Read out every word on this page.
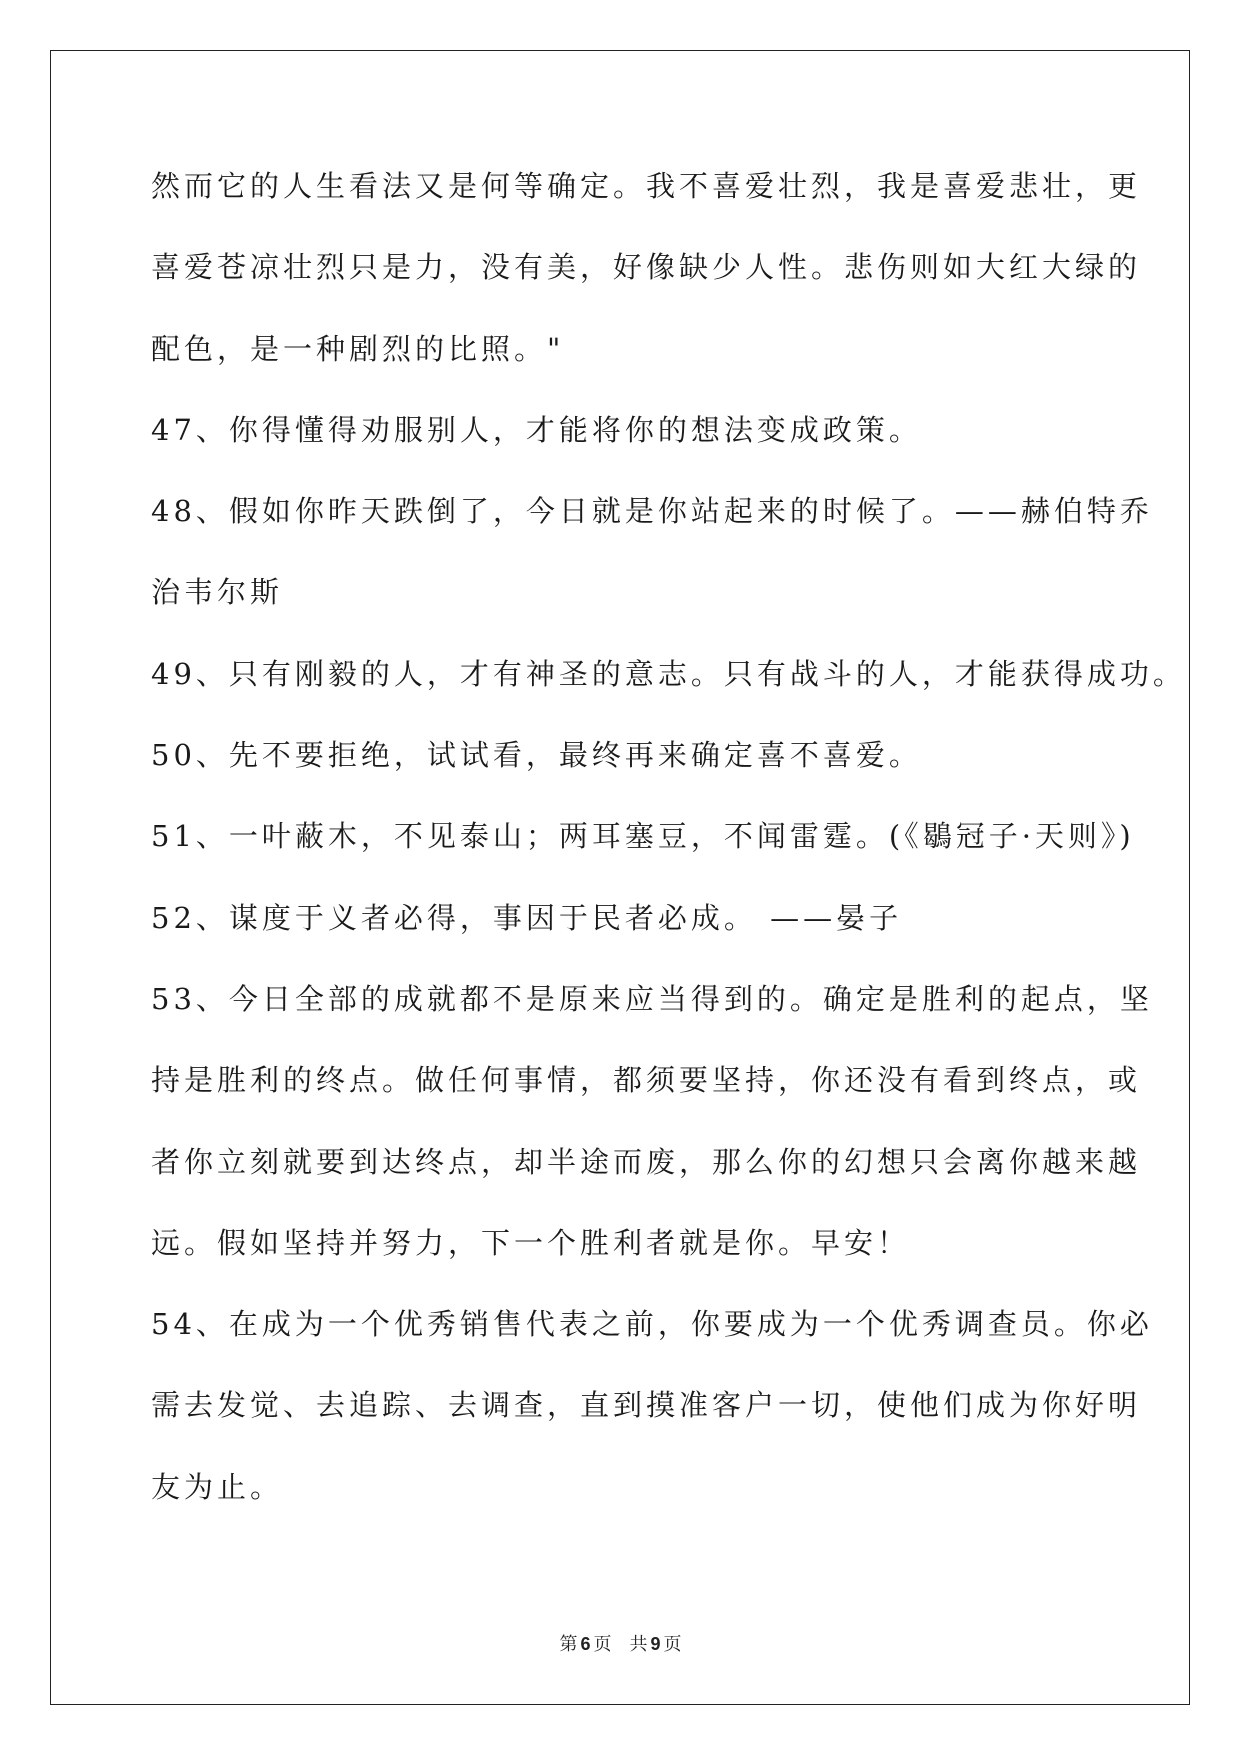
然而它的人生看法又是何等确定。我不喜爱壮烈，我是喜爱悲壮，更
喜爱苍凉壮烈只是力，没有美，好像缺少人性。悲伤则如大红大绿的
配色，是一种剧烈的比照。"
47、你得懂得劝服别人，才能将你的想法变成政策。
48、假如你昨天跌倒了，今日就是你站起来的时候了。——赫伯特乔
治韦尔斯
49、只有刚毅的人，才有神圣的意志。只有战斗的人，才能获得成功。
50、先不要拒绝，试试看，最终再来确定喜不喜爱。
51、一叶蔽木，不见泰山；两耳塞豆，不闻雷霆。(《鶡冠子·天则》)
52、谋度于义者必得，事因于民者必成。 ——晏子
53、今日全部的成就都不是原来应当得到的。确定是胜利的起点，坚
持是胜利的终点。做任何事情，都须要坚持，你还没有看到终点，或
者你立刻就要到达终点，却半途而废，那么你的幻想只会离你越来越
远。假如坚持并努力，下一个胜利者就是你。早安！
54、在成为一个优秀销售代表之前，你要成为一个优秀调查员。你必
需去发觉、去追踪、去调查，直到摸准客户一切，使他们成为你好明
友为止。
第 6 页 共 9 页
